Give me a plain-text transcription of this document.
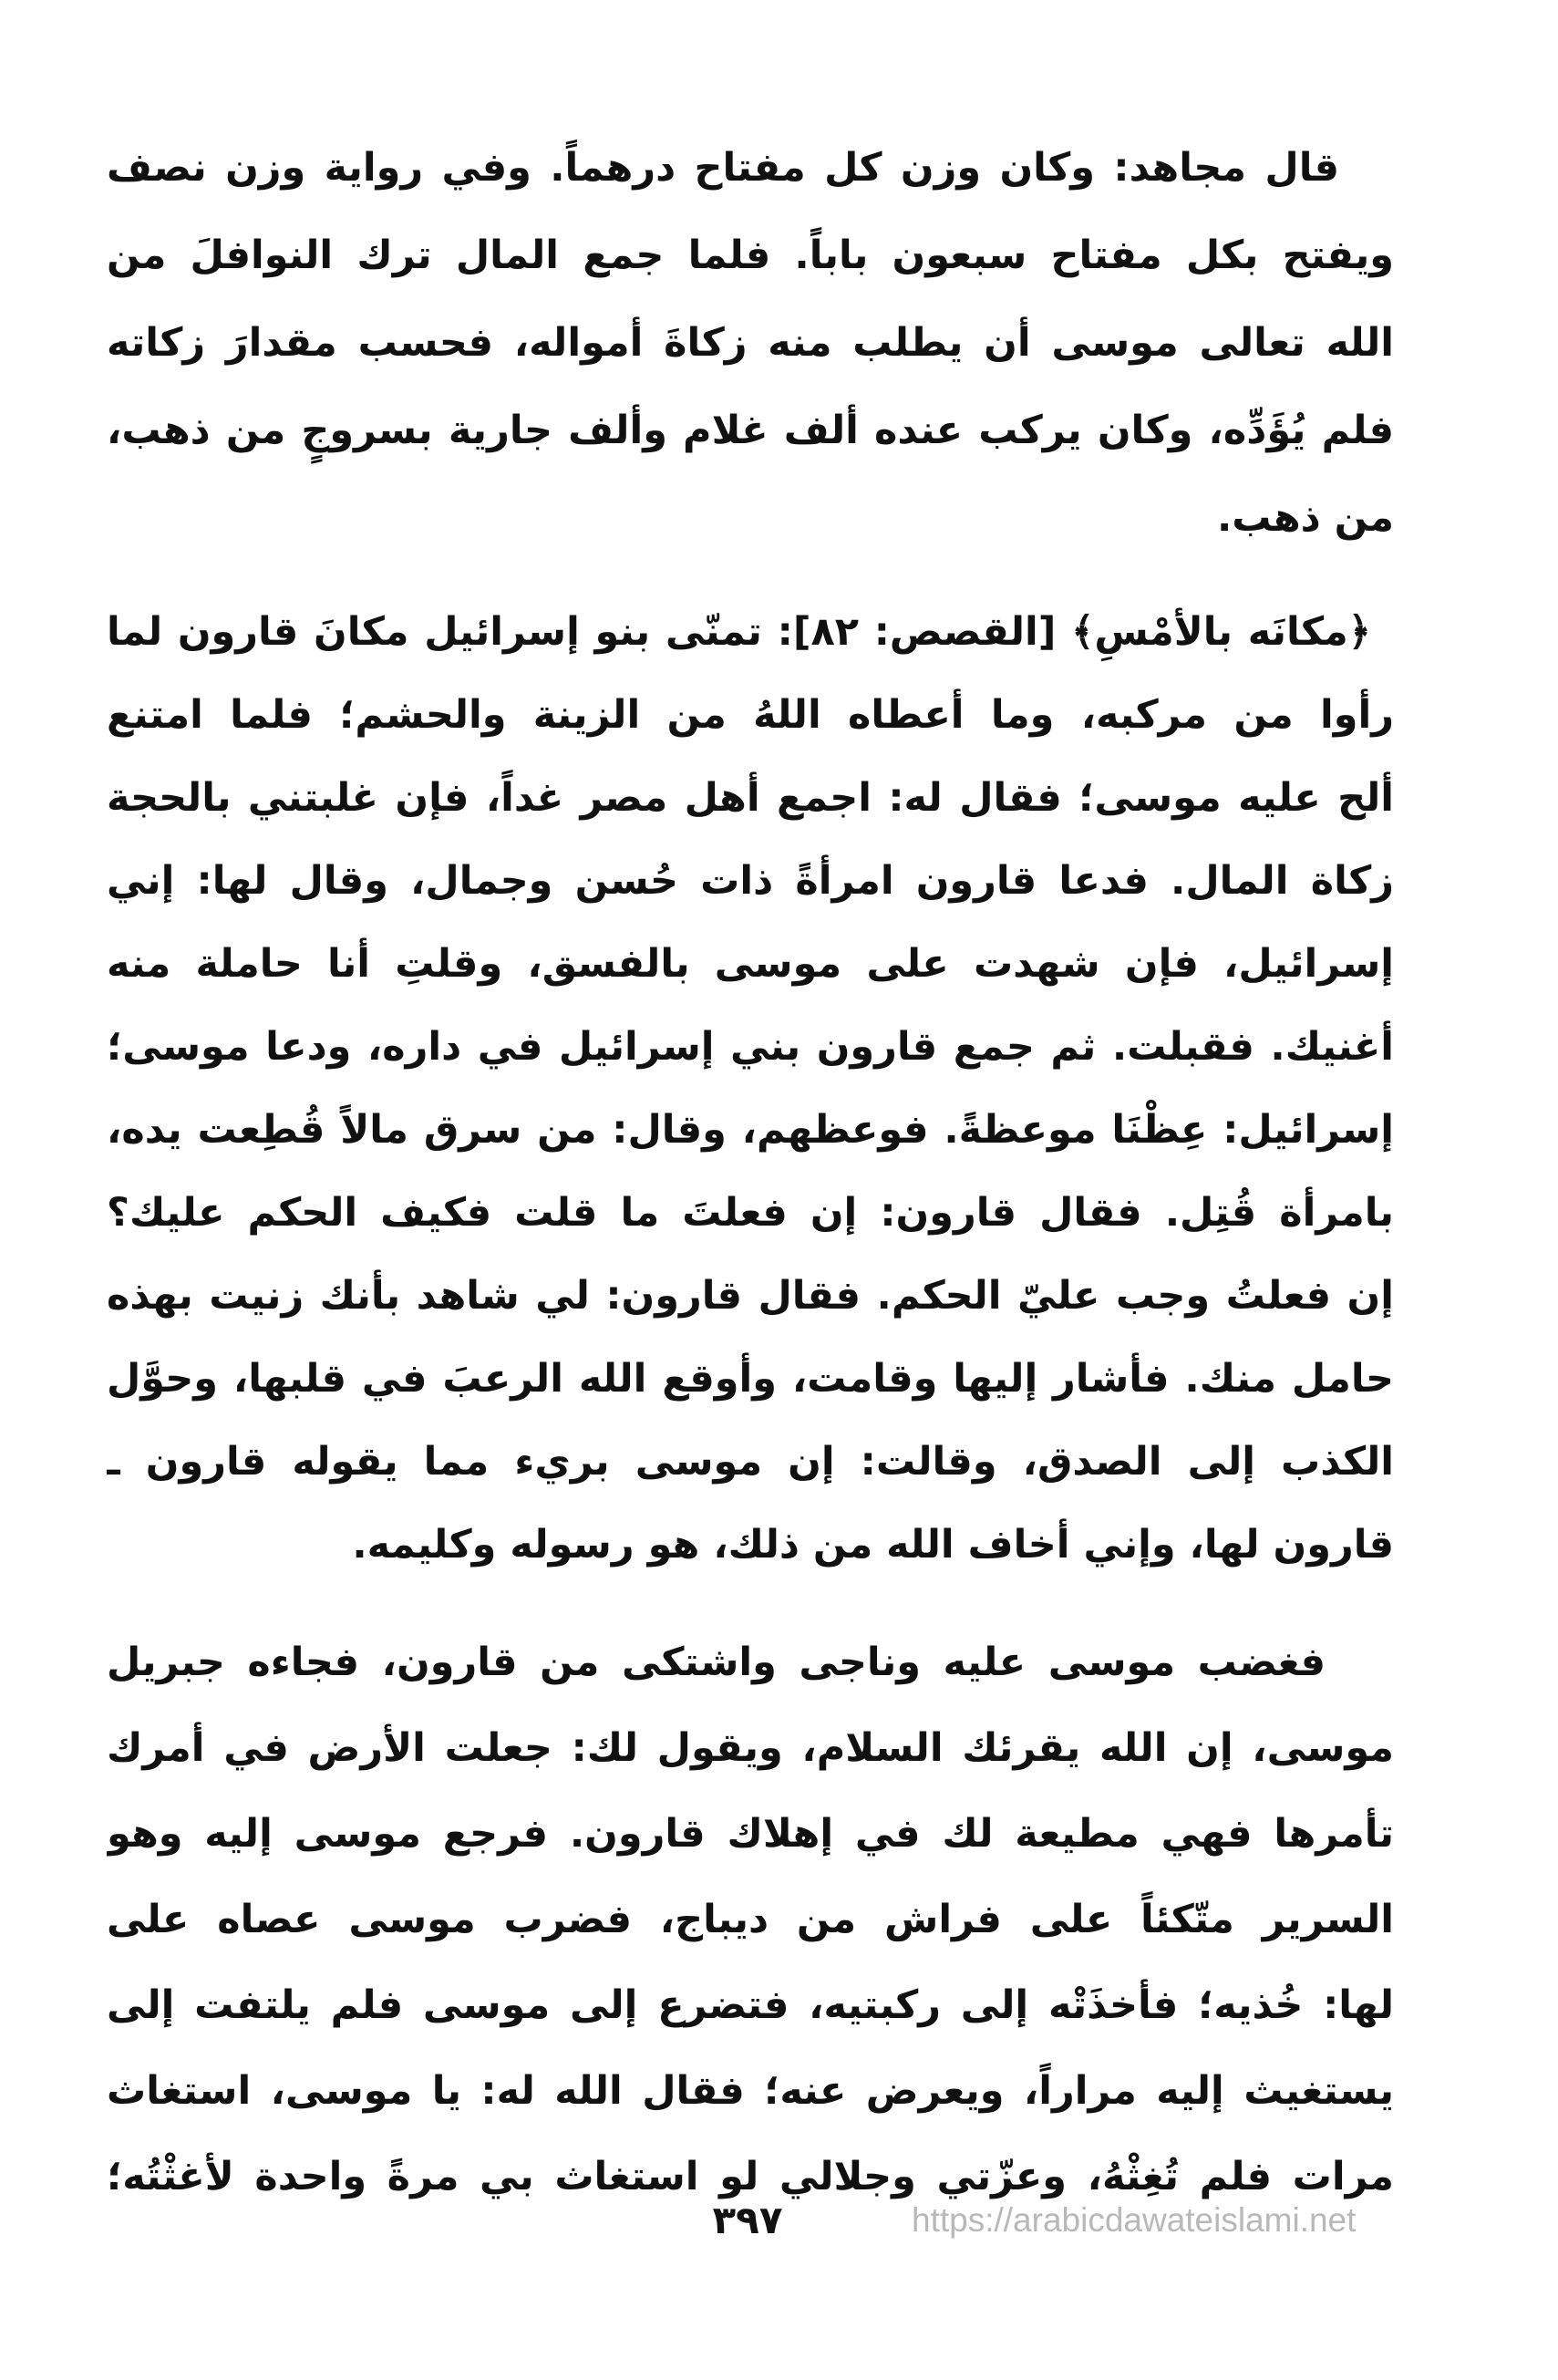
قال مجاهد: وكان وزن كل مفتاح درهماً. وفي رواية وزن نصف
ويفتح بكل مفتاح سبعون باباً. فلما جمع المال ترك النوافلَ من
الله تعالى موسى أن يطلب منه زكاةَ أمواله، فحسب مقدارَ زكاته
فلم يُؤَدِّه، وكان يركب عنده ألف غلام وألف جارية بسروجٍ من ذهب،
من ذهب.
﴿مكانَه بالأمْسِ﴾ [القصص: ٨٢]: تمنّى بنو إسرائيل مكانَ قارون لما
رأوا من مركبه، وما أعطاه اللهُ من الزينة والحشم؛ فلما امتنع
ألح عليه موسى؛ فقال له: اجمع أهل مصر غداً، فإن غلبتني بالحجة
زكاة المال. فدعا قارون امرأةً ذات حُسن وجمال، وقال لها: إني
إسرائيل، فإن شهدت على موسى بالفسق، وقلتِ أنا حاملة منه
أغنيك. فقبلت. ثم جمع قارون بني إسرائيل في داره، ودعا موسى؛
إسرائيل: عِظْنَا موعظةً. فوعظهم، وقال: من سرق مالاً قُطِعت يده،
بامرأة قُتِل. فقال قارون: إن فعلتَ ما قلت فكيف الحكم عليك؟
إن فعلتُ وجب عليّ الحكم. فقال قارون: لي شاهد بأنك زنيت بهذه
حامل منك. فأشار إليها وقامت، وأوقع الله الرعبَ في قلبها، وحوَّل
الكذب إلى الصدق، وقالت: إن موسى بريء مما يقوله قارون ـ
قارون لها، وإني أخاف الله من ذلك، هو رسوله وكليمه.
فغضب موسى عليه وناجى واشتكى من قارون، فجاءه جبريل
موسى، إن الله يقرئك السلام، ويقول لك: جعلت الأرض في أمرك
تأمرها فهي مطيعة لك في إهلاك قارون. فرجع موسى إليه وهو
السرير متّكئاً على فراش من ديباج، فضرب موسى عصاه على
لها: خُذيه؛ فأخذَتْه إلى ركبتيه، فتضرع إلى موسى فلم يلتفت إلى
يستغيث إليه مراراً، ويعرض عنه؛ فقال الله له: يا موسى، استغاث
مرات فلم تُغِثْهُ، وعزّتي وجلالي لو استغاث بي مرةً واحدة لأغثْتُه؛
٣٩٧	https://arabicdawateislami.net
